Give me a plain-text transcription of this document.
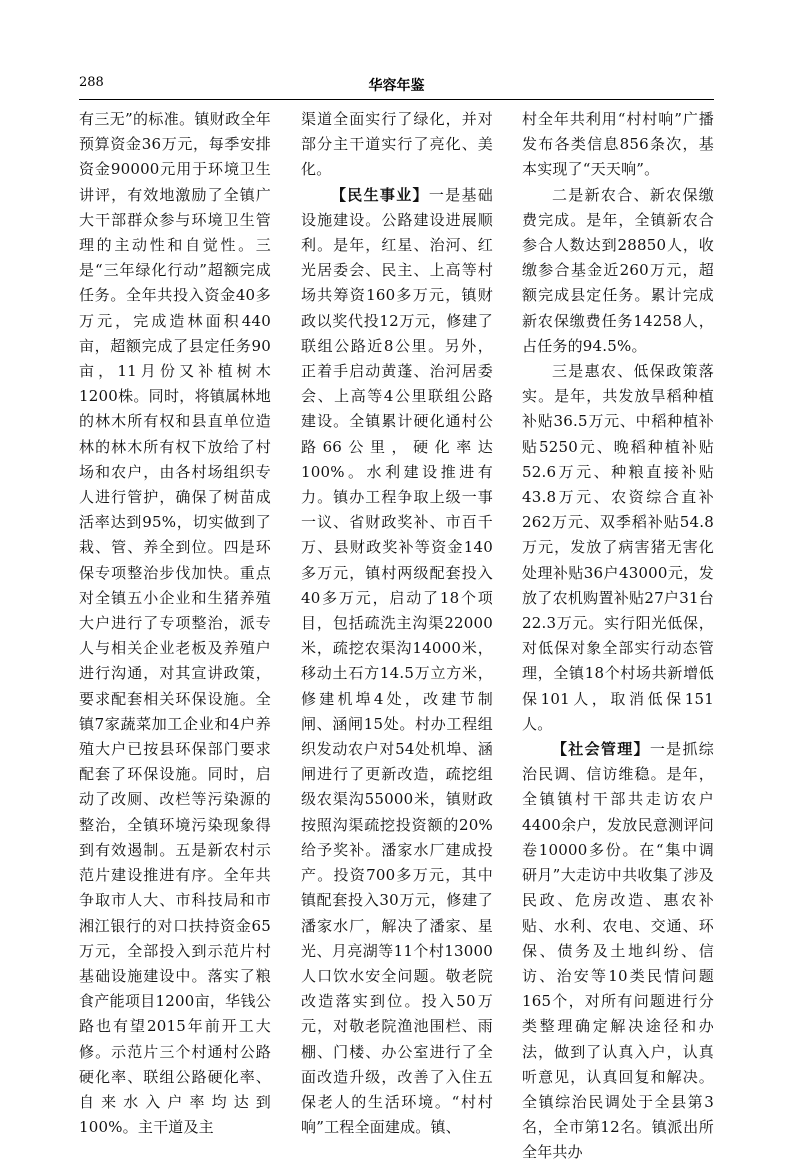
288	华容年鉴

有三无”的标准。镇财政全年预算资金36万元，每季安排资金90000元用于环境卫生讲评，有效地激励了全镇广大干部群众参与环境卫生管理的主动性和自觉性。三是“三年绿化行动”超额完成任务。全年共投入资金40多万元，完成造林面积440亩，超额完成了县定任务90亩，11月份又补植树木1200株。同时，将镇属林地的林木所有权和县直单位造林的林木所有权下放给了村场和农户，由各村场组织专人进行管护，确保了树苗成活率达到95%，切实做到了栽、管、养全到位。四是环保专项整治步伐加快。重点对全镇五小企业和生猪养殖大户进行了专项整治，派专人与相关企业老板及养殖户进行沟通，对其宣讲政策，要求配套相关环保设施。全镇7家蔬菜加工企业和4户养殖大户已按县环保部门要求配套了环保设施。同时，启动了改厕、改栏等污染源的整治，全镇环境污染现象得到有效遏制。五是新农村示范片建设推进有序。全年共争取市人大、市科技局和市湘江银行的对口扶持资金65万元，全部投入到示范片村基础设施建设中。落实了粮食产能项目1200亩，华钱公路也有望2015年前开工大修。示范片三个村通村公路硬化率、联组公路硬化率、自来水入户率均达到100%。主干道及主

渠道全面实行了绿化，并对部分主干道实行了亮化、美化。

【民生事业】一是基础设施建设。公路建设进展顺利。是年，红星、治河、红光居委会、民主、上高等村场共筹资160多万元，镇财政以奖代投12万元，修建了联组公路近8公里。另外，正着手启动黄蓬、治河居委会、上高等4公里联组公路建设。全镇累计硬化通村公路66公里，硬化率达100%。水利建设推进有力。镇办工程争取上级一事一议、省财政奖补、市百千万、县财政奖补等资金140多万元，镇村两级配套投入40多万元，启动了18个项目，包括疏洗主沟渠22000米，疏挖农渠沟14000米，移动土石方14.5万立方米，修建机埠4处，改建节制闸、涵闸15处。村办工程组织发动农户对54处机埠、涵闸进行了更新改造，疏挖组级农渠沟55000米，镇财政按照沟渠疏挖投资额的20%给予奖补。潘家水厂建成投产。投资700多万元，其中镇配套投入30万元，修建了潘家水厂，解决了潘家、星光、月亮湖等11个村13000人口饮水安全问题。敬老院改造落实到位。投入50万元，对敬老院渔池围栏、雨棚、门楼、办公室进行了全面改造升级，改善了入住五保老人的生活环境。“村村响”工程全面建成。镇、

村全年共利用“村村响”广播发布各类信息856条次，基本实现了“天天响”。

二是新农合、新农保缴费完成。是年，全镇新农合参合人数达到28850人，收缴参合基金近260万元，超额完成县定任务。累计完成新农保缴费任务14258人，占任务的94.5%。

三是惠农、低保政策落实。是年，共发放旱稻种植补贴36.5万元、中稻种植补贴5250元、晚稻种植补贴52.6万元、种粮直接补贴43.8万元、农资综合直补262万元、双季稻补贴54.8万元，发放了病害猪无害化处理补贴36户43000元，发放了农机购置补贴27户31台22.3万元。实行阳光低保，对低保对象全部实行动态管理，全镇18个村场共新增低保101人，取消低保151人。

【社会管理】一是抓综治民调、信访维稳。是年，全镇镇村干部共走访农户4400余户，发放民意测评问卷10000多份。在“集中调研月”大走访中共收集了涉及民政、危房改造、惠农补贴、水利、农电、交通、环保、债务及土地纠纷、信访、治安等10类民情问题165个，对所有问题进行分类整理确定解决途径和办法，做到了认真入户，认真听意见，认真回复和解决。全镇综治民调处于全县第3名，全市第12名。镇派出所全年共办
